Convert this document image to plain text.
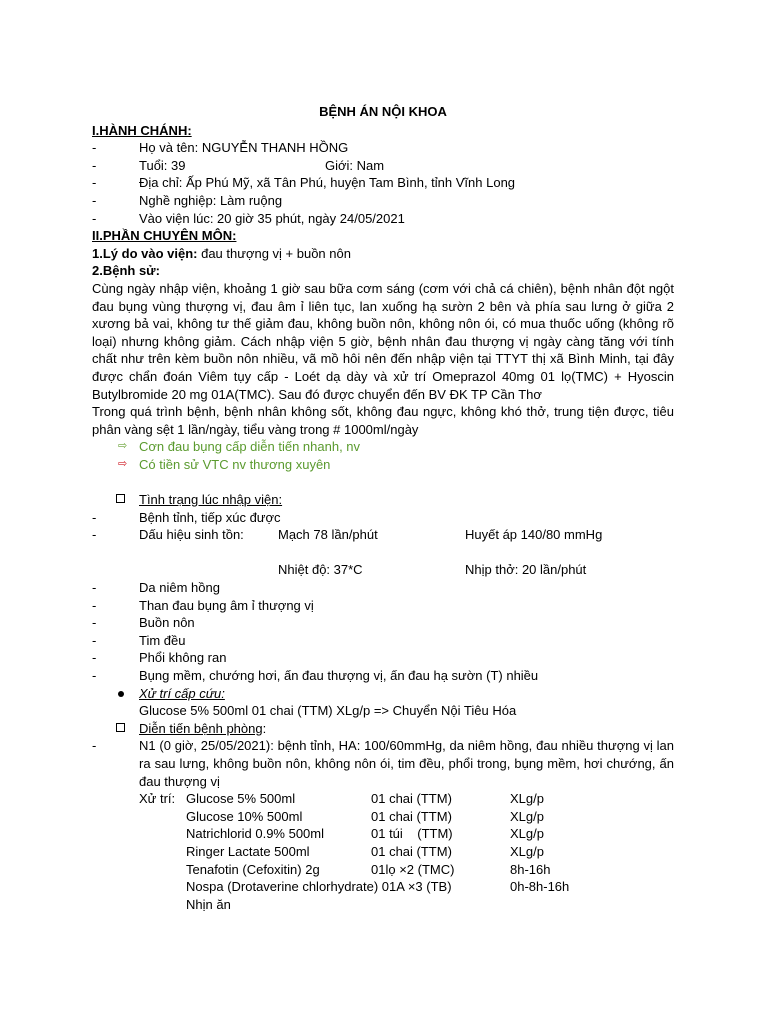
BỆNH ÁN NỘI KHOA
I.HÀNH CHÁNH:
-	Họ và tên: NGUYỄN THANH HỒNG
-	Tuổi: 39	Giới: Nam
-	Địa chỉ: Ấp Phú Mỹ, xã Tân Phú, huyện Tam Bình, tỉnh Vĩnh Long
-	Nghề nghiệp: Làm ruộng
-	Vào viện lúc: 20 giờ 35 phút, ngày 24/05/2021
II.PHẦN CHUYÊN MÔN:
1.Lý do vào viện: đau thượng vị + buồn nôn
2.Bệnh sử:
Cùng ngày nhập viện, khoảng 1 giờ sau bữa cơm sáng (cơm với chả cá chiên), bệnh nhân đột ngột đau bụng vùng thượng vị, đau âm ỉ liên tục, lan xuống hạ sườn 2 bên và phía sau lưng ở giữa 2 xương bả vai, không tư thế giảm đau, không buồn nôn, không nôn ói, có mua thuốc uống (không rõ loại) nhưng không giảm. Cách nhập viện 5 giờ, bệnh nhân đau thượng vị ngày càng tăng với tính chất như trên kèm buồn nôn nhiều, vã mồ hôi nên đến nhập viện tại TTYT thị xã Bình Minh, tại đây được chẩn đoán Viêm tụy cấp - Loét dạ dày và xử trí Omeprazol 40mg 01 lọ(TMC) + Hyoscin Butylbromide 20 mg 01A(TMC). Sau đó được chuyển đến BV ĐK TP Cần Thơ
Trong quá trình bệnh, bệnh nhân không sốt, không đau ngực, không khó thở, trung tiện được, tiêu phân vàng sệt 1 lần/ngày, tiểu vàng trong # 1000ml/ngày
⇨ Cơn đau bụng cấp diễn tiến nhanh, nv
⇨ Có tiền sử VTC nv thương xuyên
Tình trạng lúc nhập viện:
-	Bệnh tỉnh, tiếp xúc được
-	Dấu hiệu sinh tồn:	Mạch 78 lần/phút	Huyết áp 140/80 mmHg
Nhiệt độ: 37*C	Nhịp thở: 20 lần/phút
-	Da niêm hồng
-	Than đau bụng âm ỉ thượng vị
-	Buồn nôn
-	Tim đều
-	Phổi không ran
-	Bụng mềm, chướng hơi, ấn đau thượng vị, ấn đau hạ sườn (T) nhiều
Xử trí cấp cứu:
Glucose 5% 500ml 01 chai (TTM) XLg/p => Chuyển Nội Tiêu Hóa
Diễn tiến bệnh phòng:
-	N1 (0 giờ, 25/05/2021): bệnh tỉnh, HA: 100/60mmHg, da niêm hồng, đau nhiều thượng vị lan ra sau lưng, không buồn nôn, không nôn ói, tim đều, phổi trong, bụng mềm, hơi chướng, ấn đau thượng vị
Xử trí: Glucose 5% 500ml	01 chai (TTM)	XLg/p
Glucose 10% 500ml	01 chai (TTM)	XLg/p
Natrichlorid 0.9% 500ml	01 túi    (TTM)	XLg/p
Ringer Lactate 500ml	01 chai (TTM)	XLg/p
Tenafotin (Cefoxitin) 2g	01lọ ×2 (TMC)	8h-16h
Nospa (Drotaverine chlorhydrate) 01A ×3 (TB)	0h-8h-16h
Nhịn ăn
